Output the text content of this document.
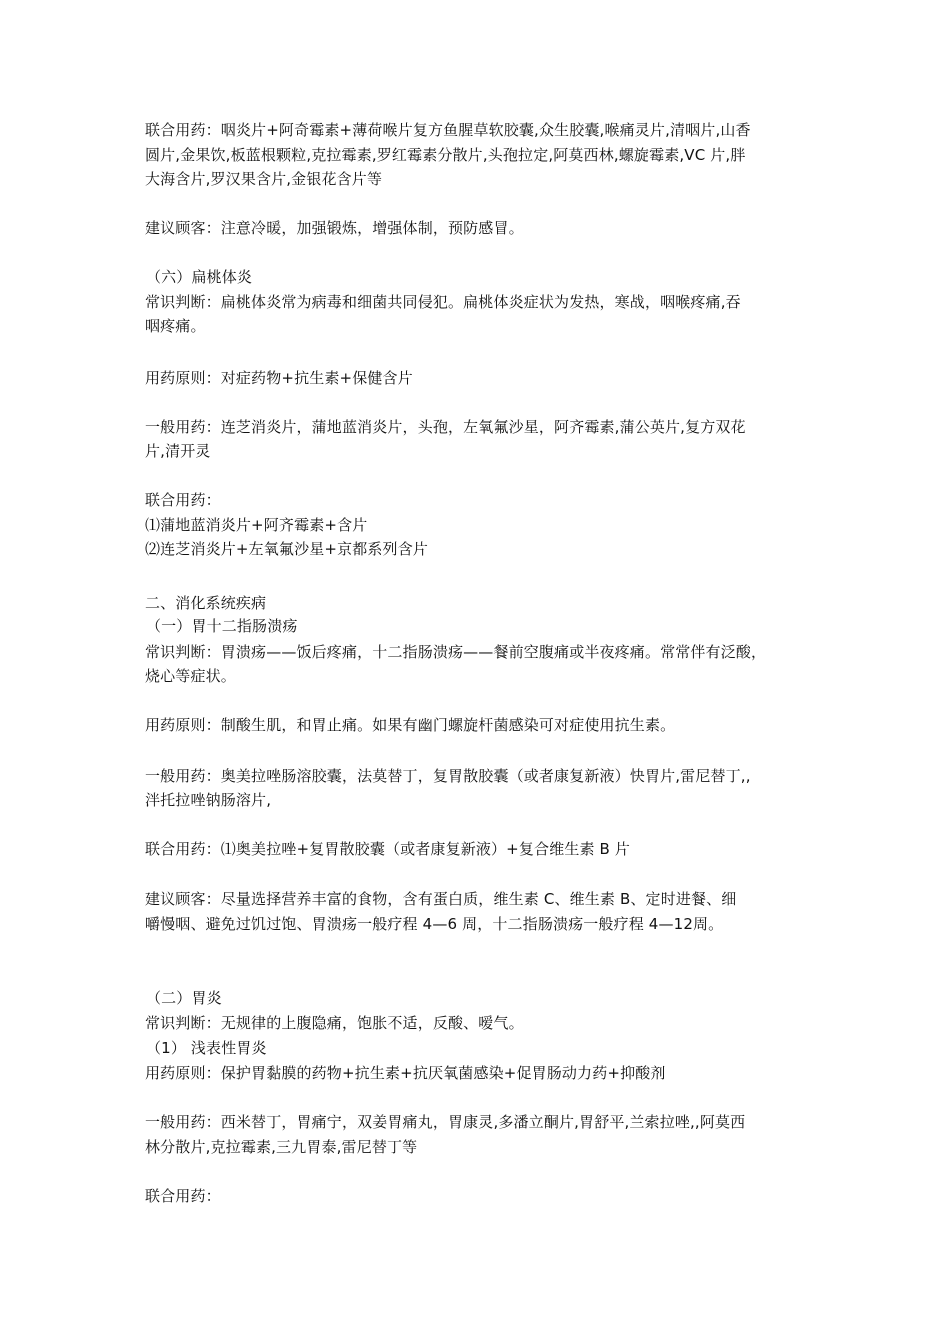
联合用药：咽炎片+阿奇霉素+薄荷喉片复方鱼腥草软胶囊,众生胶囊,喉痛灵片,清咽片,山香
圆片,金果饮,板蓝根颗粒,克拉霉素,罗红霉素分散片,头孢拉定,阿莫西林,螺旋霉素,VC 片,胖
大海含片,罗汉果含片,金银花含片等
建议顾客：注意冷暖，加强锻炼，增强体制，预防感冒。
（六）扁桃体炎
常识判断：扁桃体炎常为病毒和细菌共同侵犯。扁桃体炎症状为发热，寒战，咽喉疼痛,吞
咽疼痛。
用药原则：对症药物+抗生素+保健含片
一般用药：连芝消炎片，蒲地蓝消炎片，头孢，左氧氟沙星，阿齐霉素,蒲公英片,复方双花
片,清开灵
联合用药：
⑴蒲地蓝消炎片+阿齐霉素+含片
⑵连芝消炎片+左氧氟沙星+京都系列含片
二、消化系统疾病
（一）胃十二指肠溃疡
常识判断：胃溃疡——饭后疼痛，十二指肠溃疡——餐前空腹痛或半夜疼痛。常常伴有泛酸，
烧心等症状。
用药原则：制酸生肌，和胃止痛。如果有幽门螺旋杆菌感染可对症使用抗生素。
一般用药：奥美拉唑肠溶胶囊，法莫替丁，复胃散胶囊（或者康复新液）快胃片,雷尼替丁,,
泮托拉唑钠肠溶片,
联合用药：⑴奥美拉唑+复胃散胶囊（或者康复新液）+复合维生素 B 片
建议顾客：尽量选择营养丰富的食物，含有蛋白质，维生素 C、维生素 B、定时进餐、细
嚼慢咽、避免过饥过饱、胃溃疡一般疗程 4—6 周，十二指肠溃疡一般疗程 4—12周。
（二）胃炎
常识判断：无规律的上腹隐痛，饱胀不适，反酸、嗳气。
（1） 浅表性胃炎
用药原则：保护胃黏膜的药物+抗生素+抗厌氧菌感染+促胃肠动力药+抑酸剂
一般用药：西米替丁，胃痛宁，双姜胃痛丸，胃康灵,多潘立酮片,胃舒平,兰索拉唑,,阿莫西
林分散片,克拉霉素,三九胃泰,雷尼替丁等
联合用药：
